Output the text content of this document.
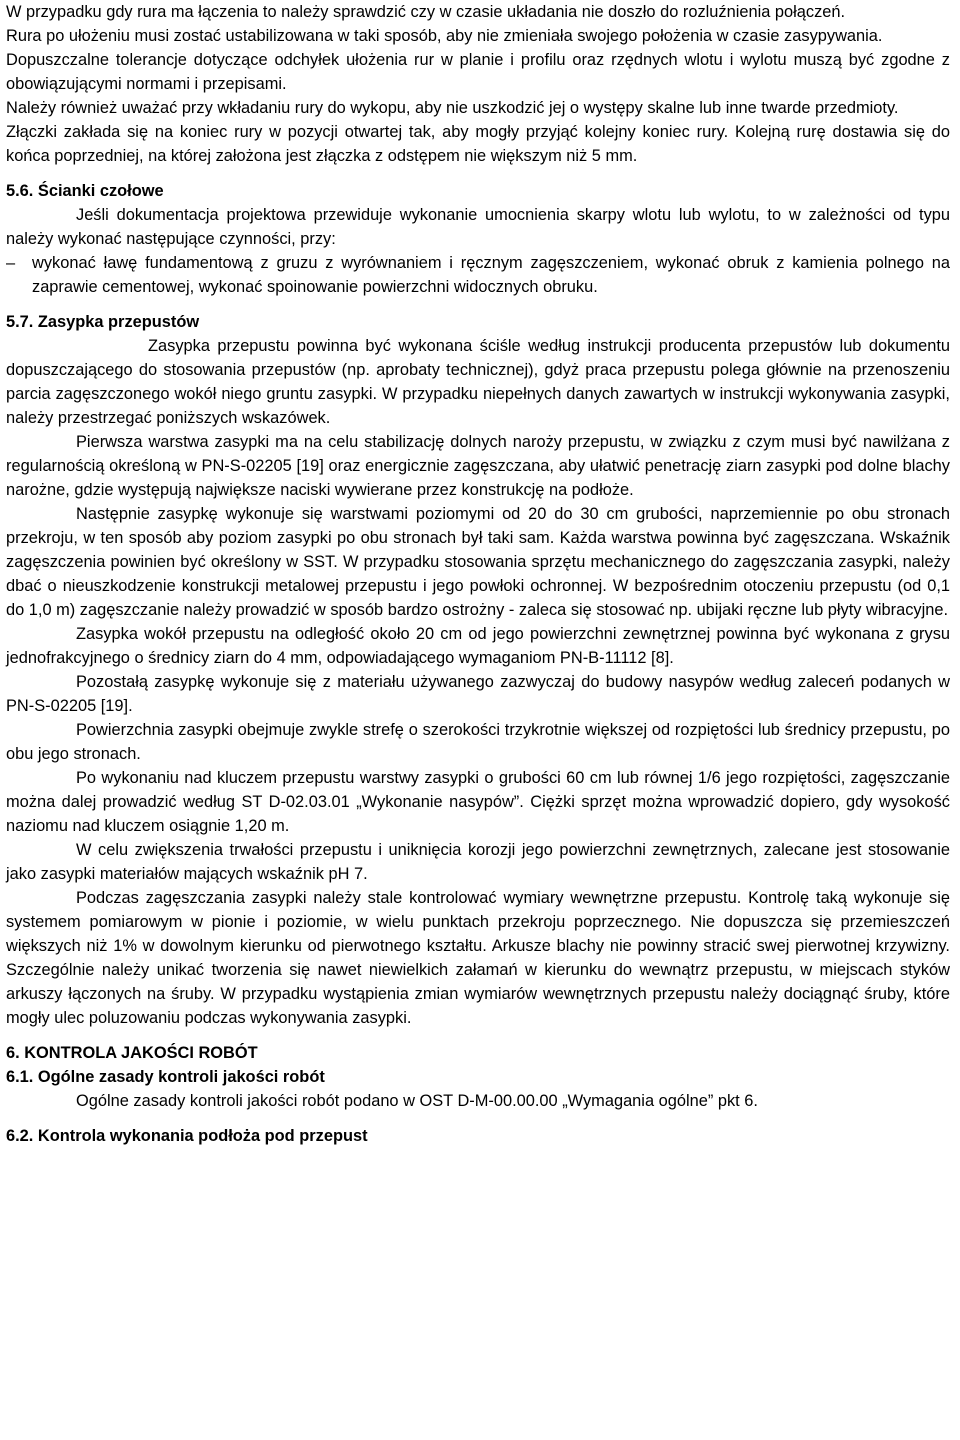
W przypadku gdy rura ma łączenia to należy sprawdzić czy w czasie układania nie doszło do rozluźnienia połączeń.

Rura po ułożeniu musi zostać ustabilizowana w taki sposób, aby nie zmieniała swojego położenia w czasie zasypywania.

Dopuszczalne tolerancje dotyczące odchyłek ułożenia rur w planie i profilu oraz rzędnych wlotu i wylotu muszą być zgodne z obowiązującymi normami i przepisami.

Należy również uważać przy wkładaniu rury do wykopu, aby nie uszkodzić jej o występy skalne lub inne twarde przedmioty.

Złączki zakłada się na koniec rury w pozycji otwartej tak, aby mogły przyjąć kolejny koniec rury. Kolejną rurę dostawia się do końca poprzedniej, na której założona jest złączka z odstępem nie większym niż 5 mm.

5.6. Ścianki czołowe

Jeśli dokumentacja projektowa przewiduje wykonanie umocnienia skarpy wlotu lub wylotu, to w zależności od typu należy wykonać następujące czynności, przy:

– wykonać ławę fundamentową z gruzu z wyrównaniem i ręcznym zagęszczeniem, wykonać obruk z kamienia polnego na zaprawie cementowej, wykonać spoinowanie powierzchni widocznych obruku.

5.7. Zasypka przepustów

Zasypka przepustu powinna być wykonana ściśle według instrukcji producenta przepustów lub dokumentu dopuszczającego do stosowania przepustów (np. aprobaty technicznej), gdyż praca przepustu polega głównie na przenoszeniu parcia zagęszczonego wokół niego gruntu zasypki. W przypadku niepełnych danych zawartych w instrukcji wykonywania zasypki, należy przestrzegać poniższych wskazówek.

Pierwsza warstwa zasypki ma na celu stabilizację dolnych naroży przepustu, w związku z czym musi być nawilżana z regularnością określoną w PN-S-02205 [19] oraz energicznie zagęszczana, aby ułatwić penetrację ziarn zasypki pod dolne blachy narożne, gdzie występują największe naciski wywierane przez konstrukcję na podłoże.

Następnie zasypkę wykonuje się warstwami poziomymi od 20 do 30 cm grubości, naprzemiennie po obu stronach przekroju, w ten sposób aby poziom zasypki po obu stronach był taki sam. Każda warstwa powinna być zagęszczana. Wskaźnik zagęszczenia powinien być określony w SST. W przypadku stosowania sprzętu mechanicznego do zagęszczania zasypki, należy dbać o nieuszkodzenie konstrukcji metalowej przepustu i jego powłoki ochronnej. W bezpośrednim otoczeniu przepustu (od 0,1 do 1,0 m) zagęszczanie należy prowadzić w sposób bardzo ostrożny - zaleca się stosować np. ubijaki ręczne lub płyty wibracyjne.

Zasypka wokół przepustu na odległość około 20 cm od jego powierzchni zewnętrznej powinna być wykonana z grysu jednofrakcyjnego o średnicy ziarn do 4 mm, odpowiadającego wymaganiom PN-B-11112 [8].

Pozostałą zasypkę wykonuje się z materiału używanego zazwyczaj do budowy nasypów według zaleceń podanych w PN-S-02205 [19].

Powierzchnia zasypki obejmuje zwykle strefę o szerokości trzykrotnie większej od rozpiętości lub średnicy przepustu, po obu jego stronach.

Po wykonaniu nad kluczem przepustu warstwy zasypki o grubości 60 cm lub równej 1/6 jego rozpiętości, zagęszczanie można dalej prowadzić według ST D-02.03.01 „Wykonanie nasypów”. Ciężki sprzęt można wprowadzić dopiero, gdy wysokość naziomu nad kluczem osiągnie 1,20 m.

W celu zwiększenia trwałości przepustu i uniknięcia korozji jego powierzchni zewnętrznych, zalecane jest stosowanie jako zasypki materiałów mających wskaźnik pH 7.

Podczas zagęszczania zasypki należy stale kontrolować wymiary wewnętrzne przepustu. Kontrolę taką wykonuje się systemem pomiarowym w pionie i poziomie, w wielu punktach przekroju poprzecznego. Nie dopuszcza się przemieszczeń większych niż 1% w dowolnym kierunku od pierwotnego kształtu. Arkusze blachy nie powinny stracić swej pierwotnej krzywizny. Szczególnie należy unikać tworzenia się nawet niewielkich załamań w kierunku do wewnątrz przepustu, w miejscach styków arkuszy łączonych na śruby. W przypadku wystąpienia zmian wymiarów wewnętrznych przepustu należy dociągnąć śruby, które mogły ulec poluzowaniu podczas wykonywania zasypki.

6. KONTROLA JAKOŚCI ROBÓT

6.1. Ogólne zasady kontroli jakości robót

Ogólne zasady kontroli jakości robót podano w OST D-M-00.00.00 „Wymagania ogólne” pkt 6.

6.2. Kontrola wykonania podłoża pod przepust
